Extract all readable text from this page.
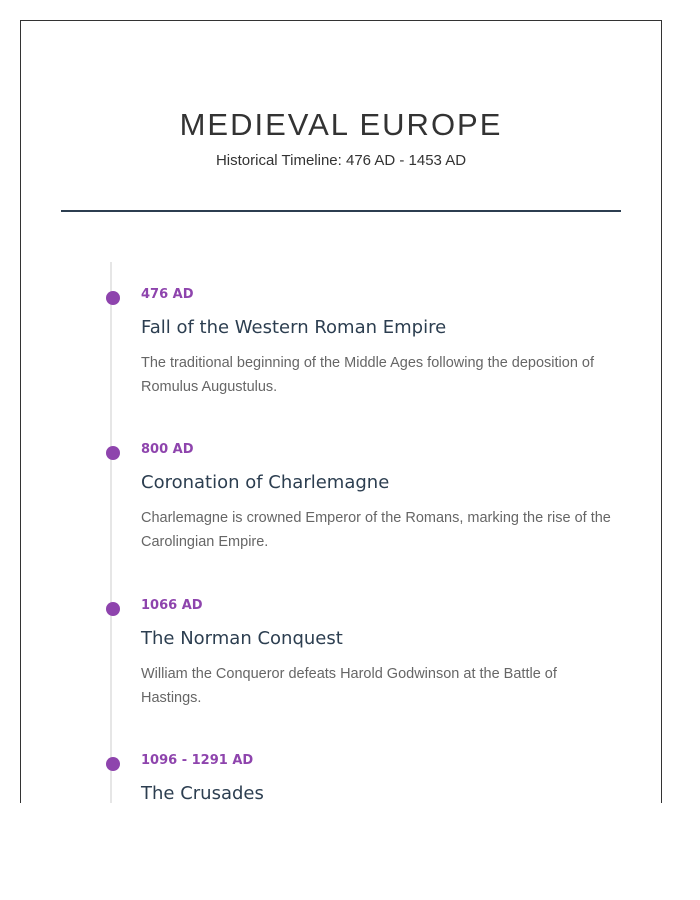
MEDIEVAL EUROPE
Historical Timeline: 476 AD - 1453 AD
476 AD
Fall of the Western Roman Empire
The traditional beginning of the Middle Ages following the deposition of Romulus Augustulus.
800 AD
Coronation of Charlemagne
Charlemagne is crowned Emperor of the Romans, marking the rise of the Carolingian Empire.
1066 AD
The Norman Conquest
William the Conqueror defeats Harold Godwinson at the Battle of Hastings.
1096 - 1291 AD
The Crusades
